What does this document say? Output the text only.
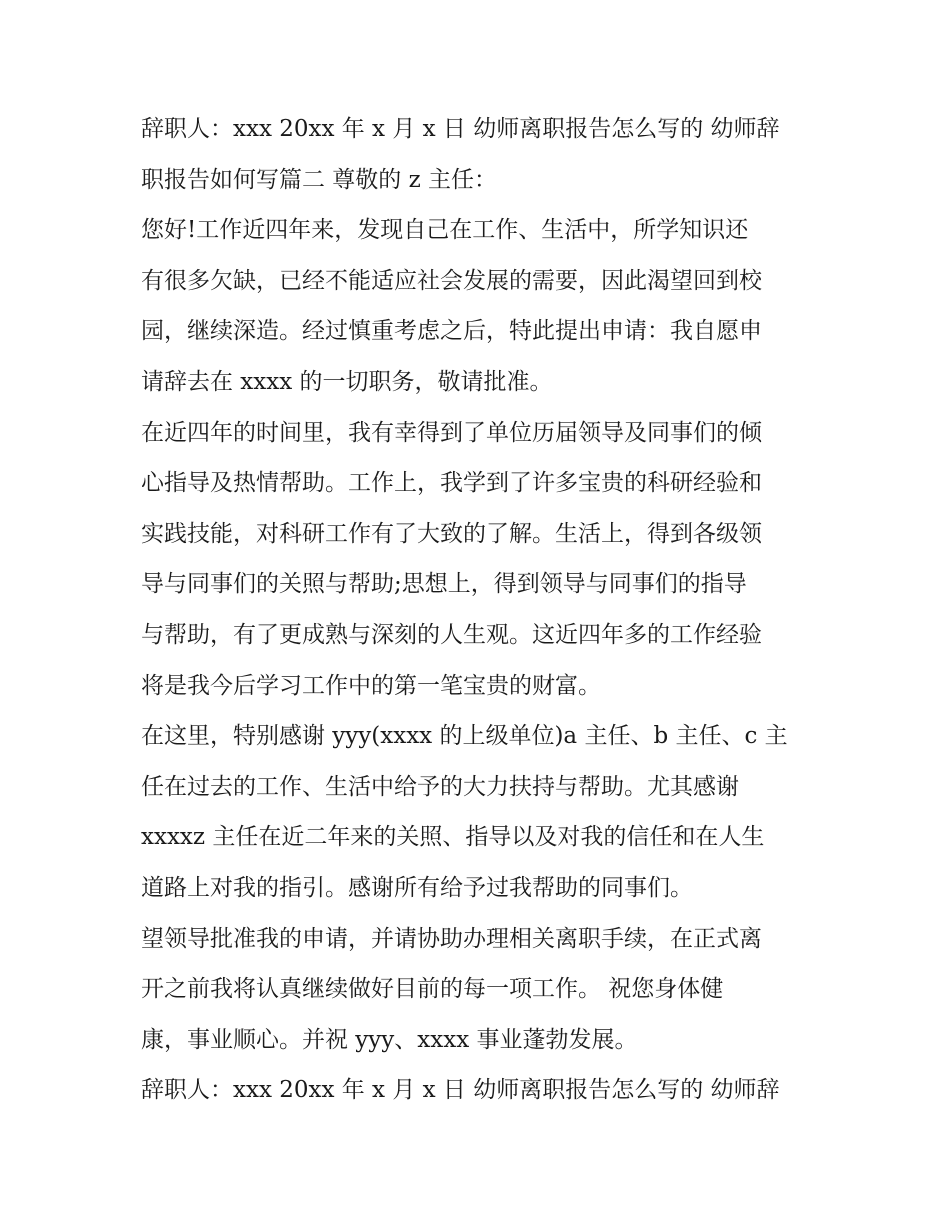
辞职人：xxx 20xx 年 x 月 x 日 幼师离职报告怎么写的 幼师辞
职报告如何写篇二 尊敬的 z 主任：
您好!工作近四年来，发现自己在工作、生活中，所学知识还
有很多欠缺，已经不能适应社会发展的需要，因此渴望回到校
园，继续深造。经过慎重考虑之后，特此提出申请：我自愿申
请辞去在 xxxx 的一切职务，敬请批准。
在近四年的时间里，我有幸得到了单位历届领导及同事们的倾
心指导及热情帮助。工作上，我学到了许多宝贵的科研经验和
实践技能，对科研工作有了大致的了解。生活上，得到各级领
导与同事们的关照与帮助;思想上，得到领导与同事们的指导
与帮助，有了更成熟与深刻的人生观。这近四年多的工作经验
将是我今后学习工作中的第一笔宝贵的财富。
在这里，特别感谢 yyy(xxxx 的上级单位)a 主任、b 主任、c 主
任在过去的工作、生活中给予的大力扶持与帮助。尤其感谢
xxxxz 主任在近二年来的关照、指导以及对我的信任和在人生
道路上对我的指引。感谢所有给予过我帮助的同事们。
望领导批准我的申请，并请协助办理相关离职手续，在正式离
开之前我将认真继续做好目前的每一项工作。 祝您身体健
康，事业顺心。并祝 yyy、xxxx 事业蓬勃发展。
辞职人：xxx 20xx 年 x 月 x 日 幼师离职报告怎么写的 幼师辞
